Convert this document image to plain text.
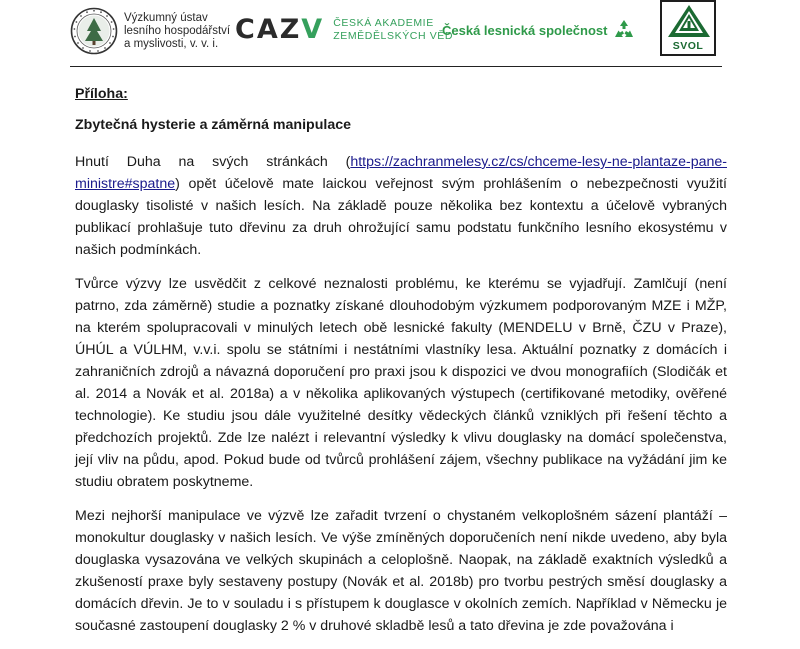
Výzkumný ústav
lesního hospodářství
a myslivosti, v. v. i. CAZV ČESKÁ AKADEMIE
ZEMĚDĚLSKÝCH VĚD
Česká lesnická společnost
SVOL

Příloha:

Zbytečná hysterie a záměrná manipulace

Hnutí Duha na svých stránkách (https://zachranmelesy.cz/cs/chceme-lesy-ne-plantaze-pane-ministre#spatne) opět účelově mate laickou veřejnost svým prohlášením o nebezpečnosti využití douglasky tisolisté v našich lesích. Na základě pouze několika bez kontextu a účelově vybraných publikací prohlašuje tuto dřevinu za druh ohrožující samu podstatu funkčního lesního ekosystému v našich podmínkách.

Tvůrce výzvy lze usvědčit z celkové neznalosti problému, ke kterému se vyjadřují. Zamlčují (není patrno, zda záměrně) studie a poznatky získané dlouhodobým výzkumem podporovaným MZE i MŽP, na kterém spolupracovali v minulých letech obě lesnické fakulty (MENDELU v Brně, ČZU v Praze), ÚHÚL a VÚLHM, v.v.i. spolu se státními i nestátními vlastníky lesa. Aktuální poznatky z domácích i zahraničních zdrojů a návazná doporučení pro praxi jsou k dispozici ve dvou monografiích (Slodičák et al. 2014 a Novák et al. 2018a) a v několika aplikovaných výstupech (certifikované metodiky, ověřené technologie). Ke studiu jsou dále využitelné desítky vědeckých článků vzniklých při řešení těchto a předchozích projektů. Zde lze nalézt i relevantní výsledky k vlivu douglasky na domácí společenstva, její vliv na půdu, apod. Pokud bude od tvůrců prohlášení zájem, všechny publikace na vyžádání jim ke studiu obratem poskytneme.

Mezi nejhorší manipulace ve výzvě lze zařadit tvrzení o chystaném velkoplošném sázení plantáží – monokultur douglasky v našich lesích. Ve výše zmíněných doporučeních není nikde uvedeno, aby byla douglaska vysazována ve velkých skupinách a celoplošně. Naopak, na základě exaktních výsledků a zkušeností praxe byly sestaveny postupy (Novák et al. 2018b) pro tvorbu pestrých směsí douglasky a domácích dřevin. Je to v souladu i s přístupem k douglasce v okolních zemích. Například v Německu je současné zastoupení douglasky 2 % v druhové skladbě lesů a tato dřevina je zde považována i
